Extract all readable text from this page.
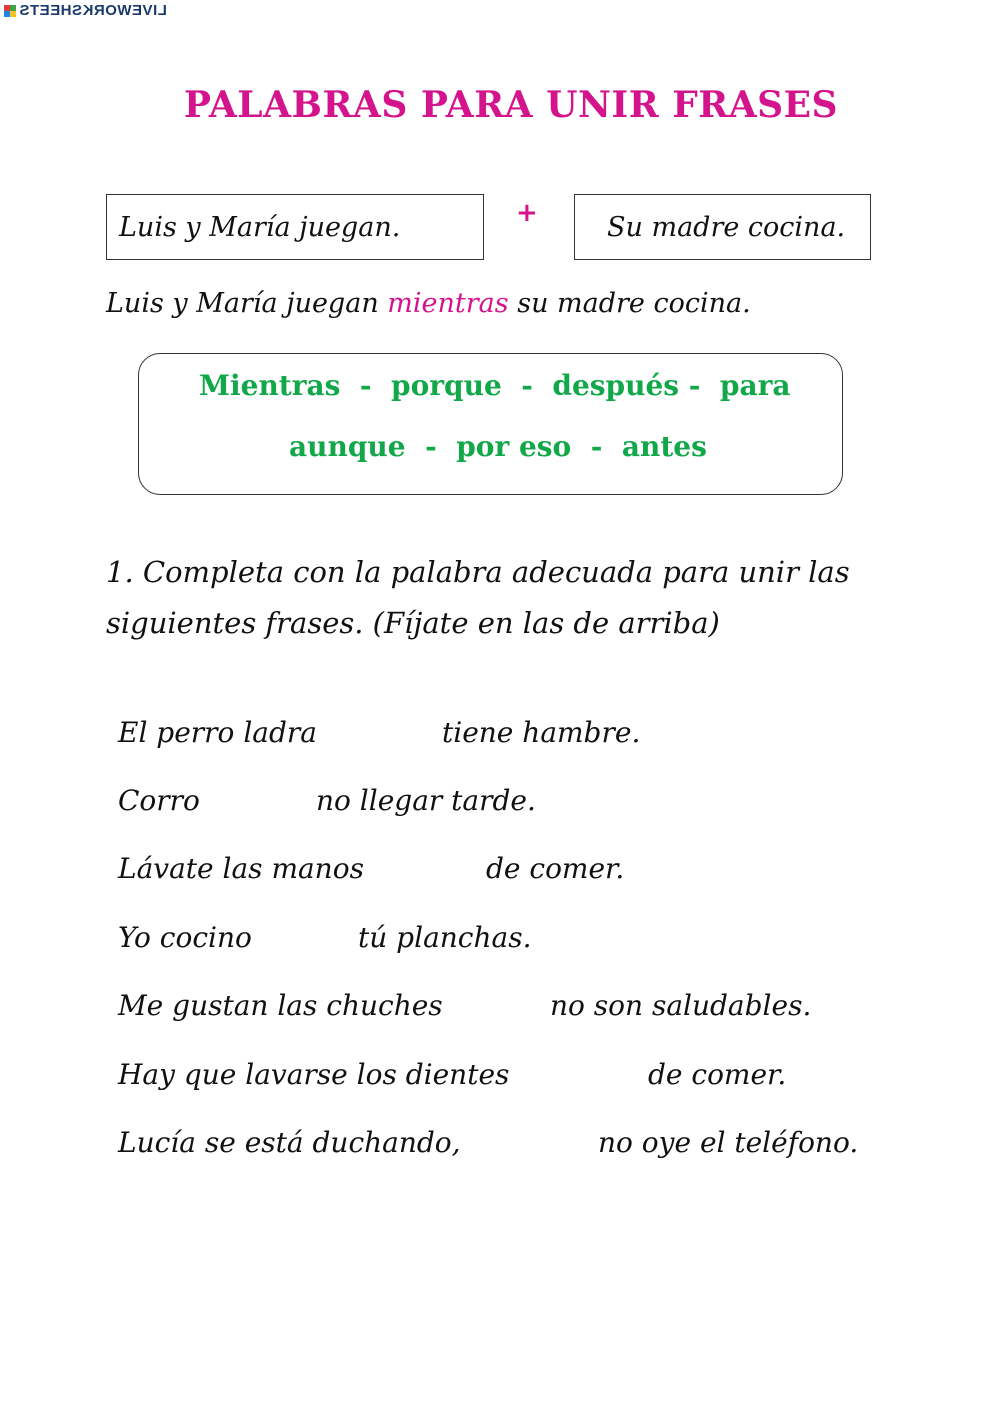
LIVEWORKSHEETS
PALABRAS PARA UNIR FRASES
Luis y María juegan.	+	Su madre cocina.
Luis y María juegan mientras su madre cocina.
Mientras  -  porque  -  después -  para
aunque  -  por eso  -  antes
1. Completa con la palabra adecuada para unir las
siguientes frases. (Fíjate en las de arriba)
El perro ladra	tiene hambre.
Corro	no llegar tarde.
Lávate las manos	de comer.
Yo cocino	tú planchas.
Me gustan las chuches	no son saludables.
Hay que lavarse los dientes	de comer.
Lucía se está duchando,	no oye el teléfono.
